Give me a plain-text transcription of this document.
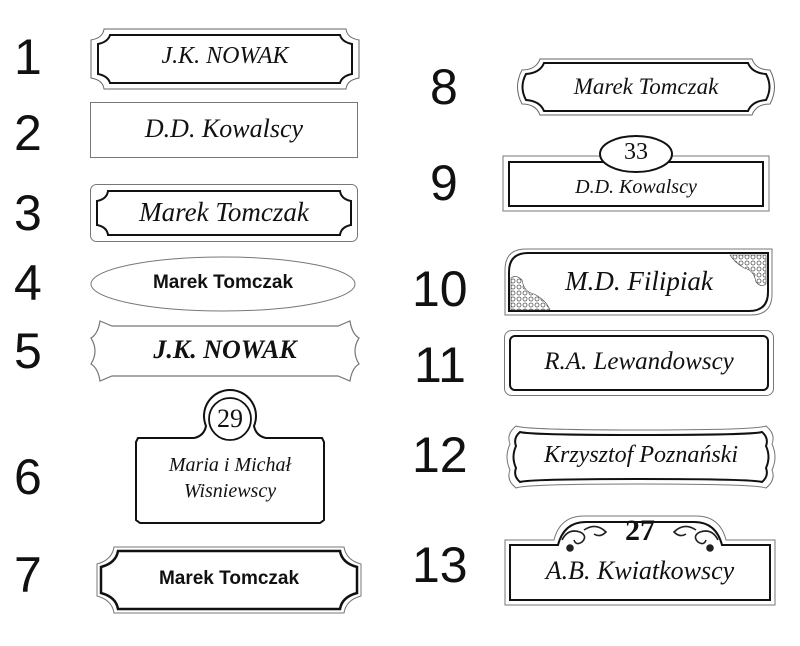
1
2
3
4
5
6
7
8
9
10
11
12
13
J.K. NOWAK
D.D. Kowalscy
Marek Tomczak
Marek Tomczak
J.K. NOWAK
29
Maria i Michał
Wisniewscy
Marek Tomczak
Marek Tomczak
33
D.D. Kowalscy
M.D. Filipiak
R.A. Lewandowscy
Krzysztof Poznański
27
A.B. Kwiatkowscy
